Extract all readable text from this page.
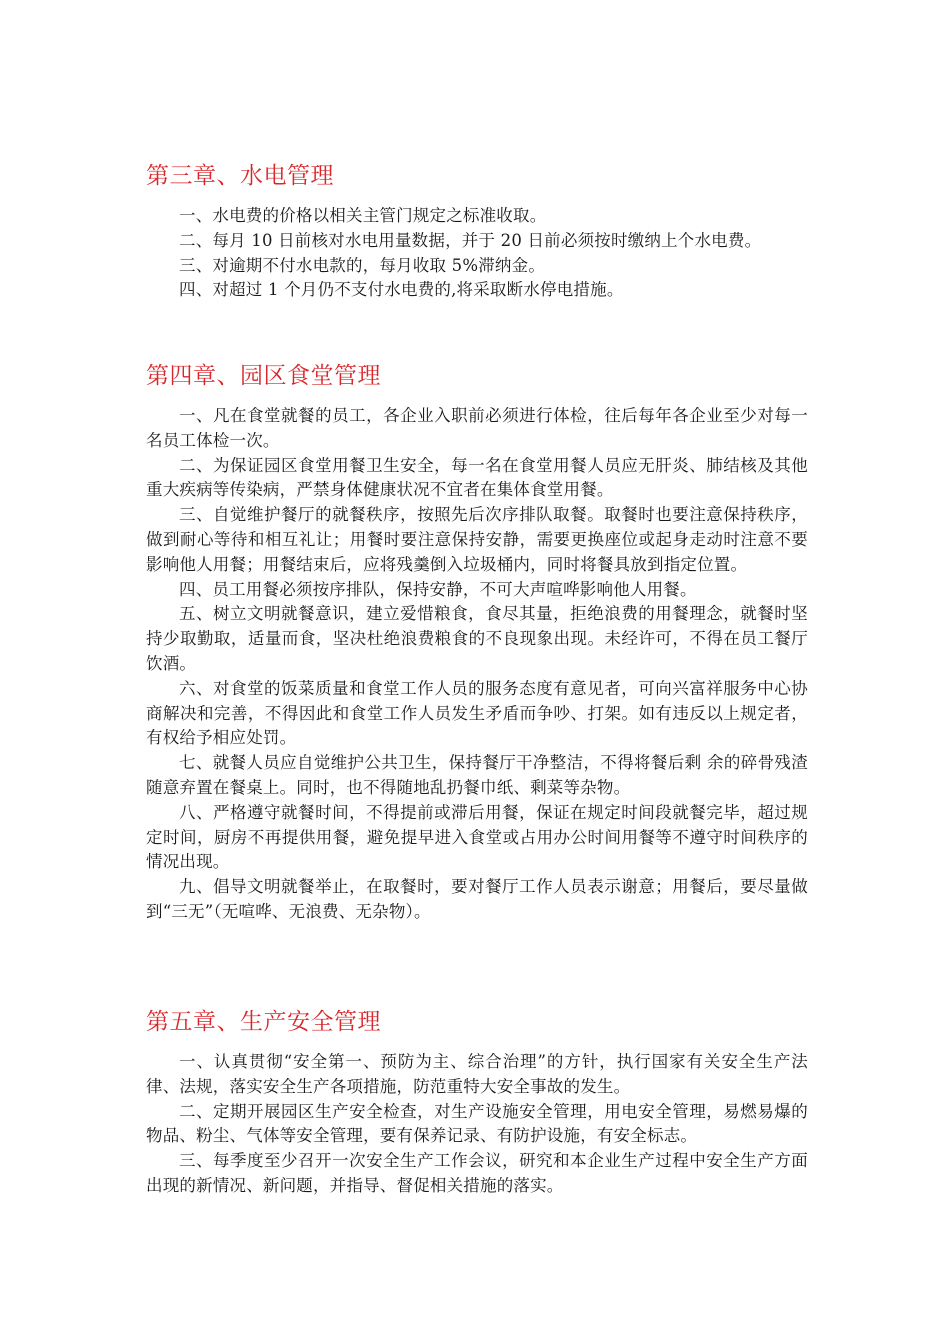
第三章、水电管理

一、水电费的价格以相关主管门规定之标准收取。

二、每月 10 日前核对水电用量数据，并于 20 日前必须按时缴纳上个水电费。

三、对逾期不付水电款的，每月收取 5%滞纳金。

四、对超过 1 个月仍不支付水电费的,将采取断水停电措施。

第四章、园区食堂管理

一、凡在食堂就餐的员工，各企业入职前必须进行体检，往后每年各企业至少对每一名员工体检一次。

二、为保证园区食堂用餐卫生安全，每一名在食堂用餐人员应无肝炎、肺结核及其他重大疾病等传染病，严禁身体健康状况不宜者在集体食堂用餐。

三、自觉维护餐厅的就餐秩序，按照先后次序排队取餐。取餐时也要注意保持秩序，做到耐心等待和相互礼让；用餐时要注意保持安静，需要更换座位或起身走动时注意不要影响他人用餐；用餐结束后，应将残羹倒入垃圾桶内，同时将餐具放到指定位置。

四、员工用餐必须按序排队，保持安静，不可大声喧哗影响他人用餐。

五、树立文明就餐意识，建立爱惜粮食，食尽其量，拒绝浪费的用餐理念，就餐时坚持少取勤取，适量而食，坚决杜绝浪费粮食的不良现象出现。未经许可，不得在员工餐厅饮酒。

六、对食堂的饭菜质量和食堂工作人员的服务态度有意见者，可向兴富祥服务中心协商解决和完善，不得因此和食堂工作人员发生矛盾而争吵、打架。如有违反以上规定者，有权给予相应处罚。

七、就餐人员应自觉维护公共卫生，保持餐厅干净整洁，不得将餐后剩 余的碎骨残渣随意弃置在餐桌上。同时，也不得随地乱扔餐巾纸、剩菜等杂物。

八、严格遵守就餐时间，不得提前或滞后用餐，保证在规定时间段就餐完毕，超过规定时间，厨房不再提供用餐，避免提早进入食堂或占用办公时间用餐等不遵守时间秩序的情况出现。

九、倡导文明就餐举止，在取餐时，要对餐厅工作人员表示谢意；用餐后，要尽量做到“三无”（无喧哗、无浪费、无杂物）。

第五章、生产安全管理

一、认真贯彻“安全第一、预防为主、综合治理”的方针，执行国家有关安全生产法律、法规，落实安全生产各项措施，防范重特大安全事故的发生。

二、定期开展园区生产安全检查，对生产设施安全管理，用电安全管理，易燃易爆的物品、粉尘、气体等安全管理，要有保养记录、有防护设施，有安全标志。

三、每季度至少召开一次安全生产工作会议，研究和本企业生产过程中安全生产方面出现的新情况、新问题，并指导、督促相关措施的落实。
